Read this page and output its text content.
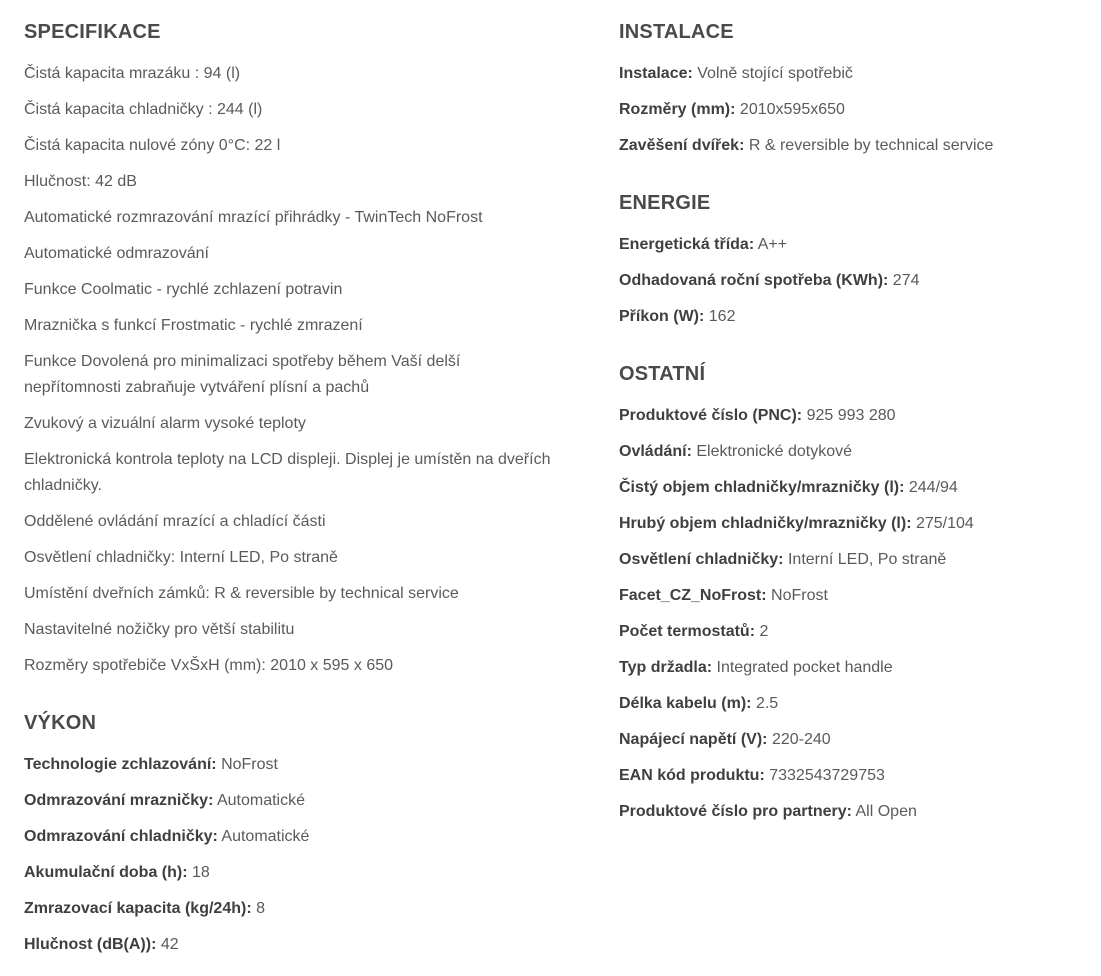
SPECIFIKACE
Čistá kapacita mrazáku : 94 (l)
Čistá kapacita chladničky : 244 (l)
Čistá kapacita nulové zóny 0°C: 22 l
Hlučnost: 42 dB
Automatické rozmrazování mrazící přihrádky - TwinTech NoFrost
Automatické odmrazování
Funkce Coolmatic - rychlé zchlazení potravin
Mraznička s funkcí Frostmatic - rychlé zmrazení
Funkce Dovolená pro minimalizaci spotřeby během Vaší delší nepřítomnosti zabraňuje vytváření plísní a pachů
Zvukový a vizuální alarm vysoké teploty
Elektronická kontrola teploty na LCD displeji. Displej je umístěn na dveřích chladničky.
Oddělené ovládání mrazící a chladící části
Osvětlení chladničky: Interní LED, Po straně
Umístění dveřních zámků: R & reversible by technical service
Nastavitelné nožičky pro větší stabilitu
Rozměry spotřebiče VxŠxH (mm): 2010 x 595 x 650
VÝKON
Technologie zchlazování: NoFrost
Odmrazování mrazničky: Automatické
Odmrazování chladničky: Automatické
Akumulační doba (h): 18
Zmrazovací kapacita (kg/24h): 8
Hlučnost (dB(A)): 42
INSTALACE
Instalace: Volně stojící spotřebič
Rozměry (mm): 2010x595x650
Zavěšení dvířek: R & reversible by technical service
ENERGIE
Energetická třída: A++
Odhadovaná roční spotřeba (KWh): 274
Příkon (W): 162
OSTATNÍ
Produktové číslo (PNC): 925 993 280
Ovládání: Elektronické dotykové
Čistý objem chladničky/mrazničky (l): 244/94
Hrubý objem chladničky/mrazničky (l): 275/104
Osvětlení chladničky: Interní LED, Po straně
Facet_CZ_NoFrost: NoFrost
Počet termostatů: 2
Typ držadla: Integrated pocket handle
Délka kabelu (m): 2.5
Napájecí napětí (V): 220-240
EAN kód produktu: 7332543729753
Produktové číslo pro partnery: All Open
